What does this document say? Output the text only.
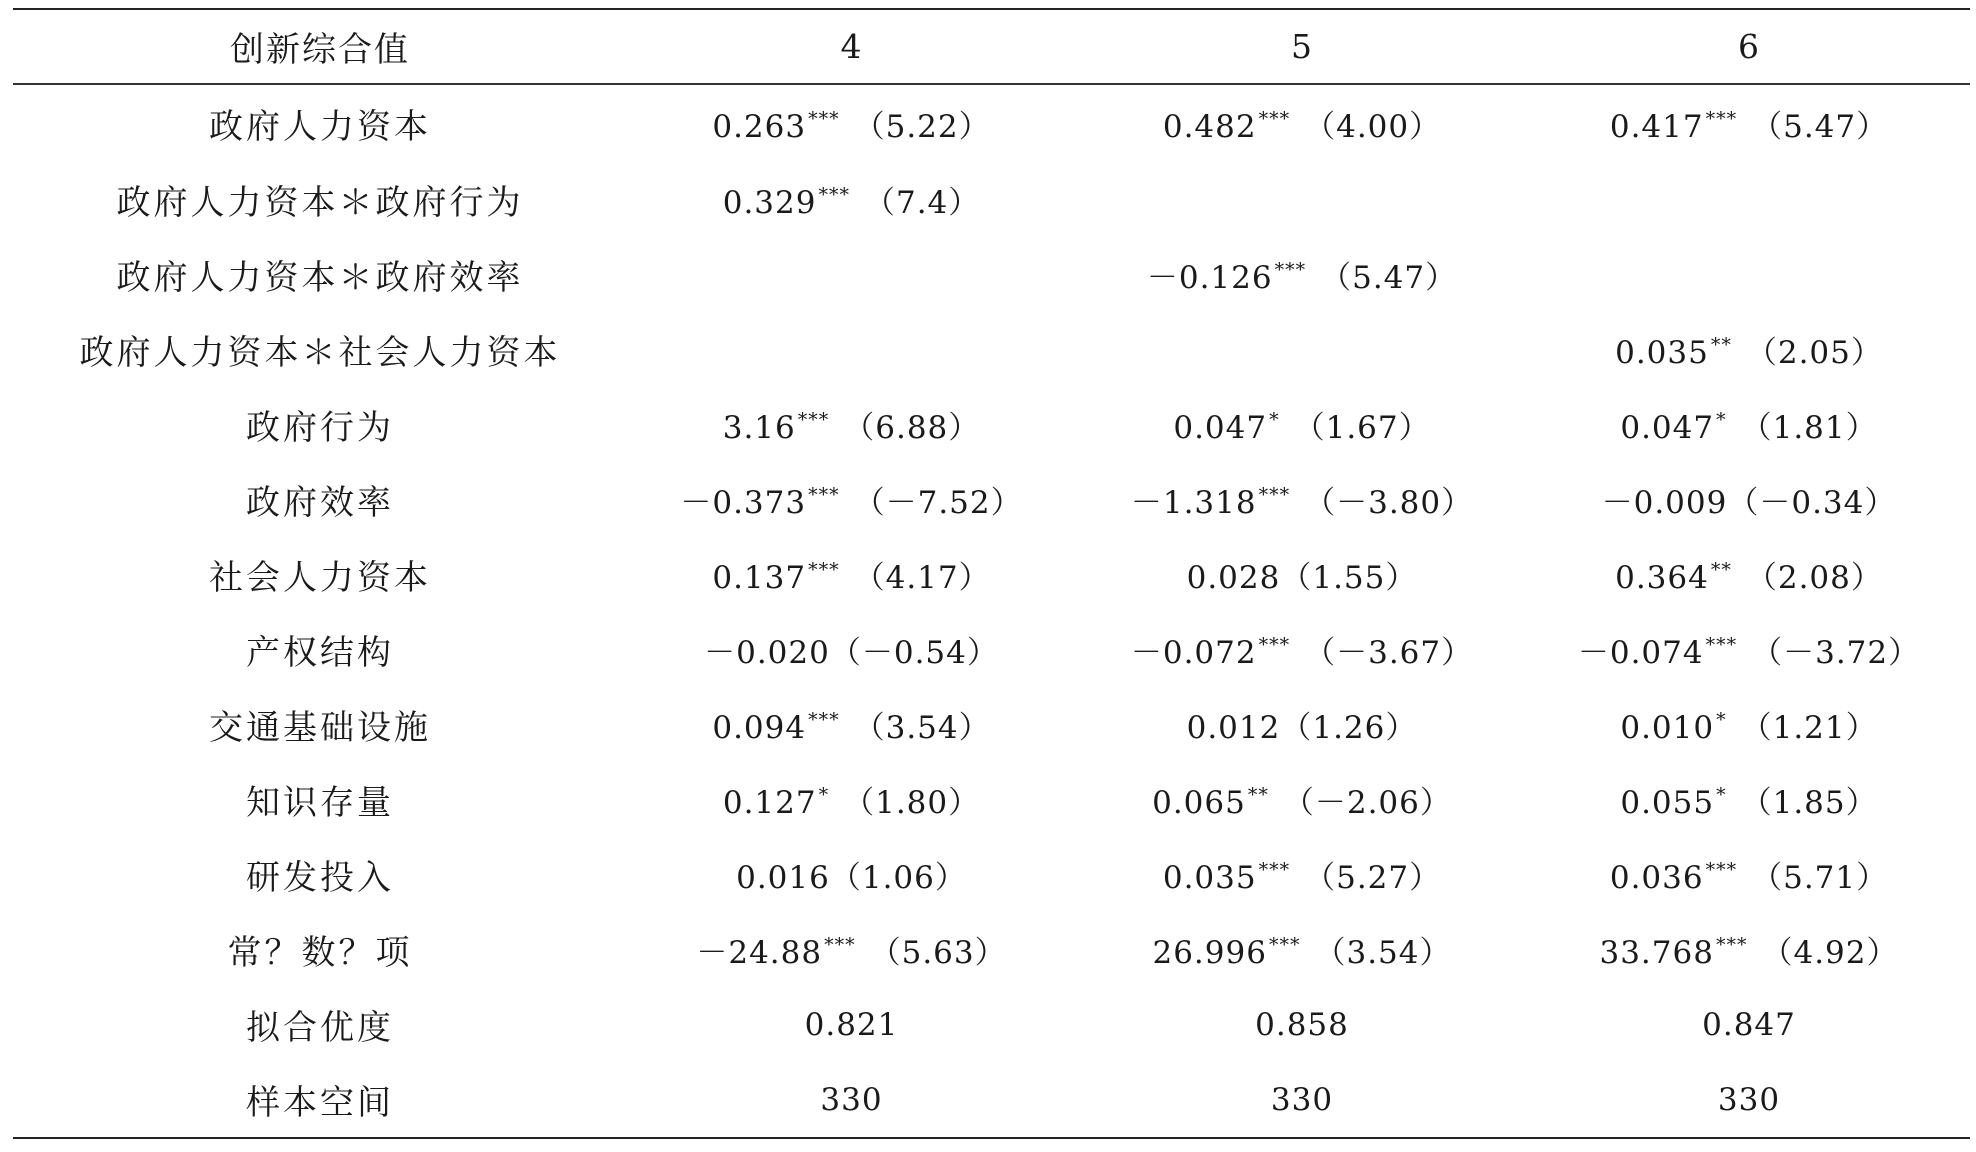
创新综合值	4	5	6
政府人力资本	0.263 *** （5.22）	0.482 *** （4.00）	0.417 *** （5.47）
政府人力资本＊政府行为	0.329 *** （7.4）		
政府人力资本＊政府效率		－0.126 *** （5.47）	
政府人力资本＊社会人力资本			0.035 ** （2.05）
政府行为	3.16 *** （6.88）	0.047 * （1.67）	0.047 * （1.81）
政府效率	－0.373 *** （－7.52）	－1.318 *** （－3.80）	－0.009（－0.34）
社会人力资本	0.137 *** （4.17）	0.028（1.55）	0.364 ** （2.08）
产权结构	－0.020（－0.54）	－0.072 *** （－3.67）	－0.074 *** （－3.72）
交通基础设施	0.094 *** （3.54）	0.012（1.26）	0.010 * （1.21）
知识存量	0.127 * （1.80）	0.065 ** （－2.06）	0.055 * （1.85）
研发投入	0.016（1.06）	0.035 *** （5.27）	0.036 *** （5.71）
常？数？项	－24.88 *** （5.63）	26.996 *** （3.54）	33.768 *** （4.92）
拟合优度	0.821	0.858	0.847
样本空间	330	330	330
